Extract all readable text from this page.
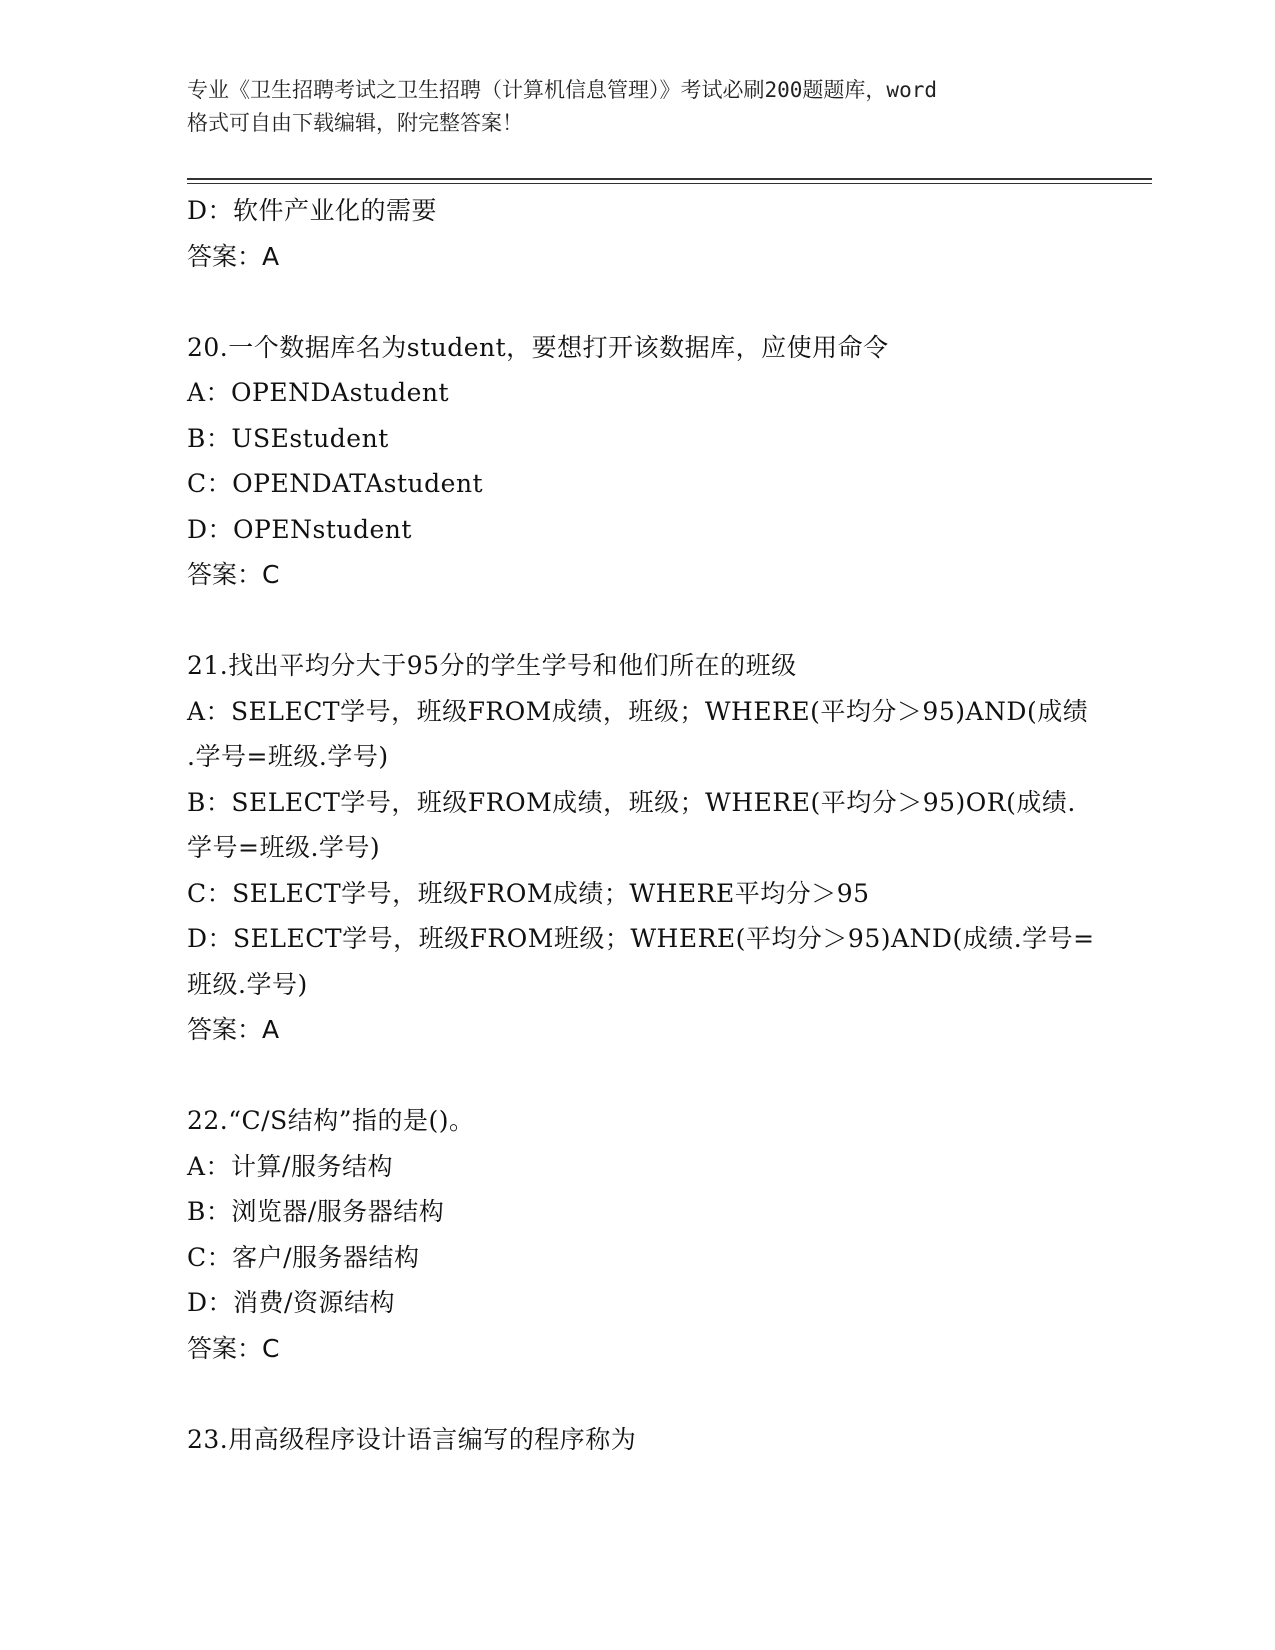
专业《卫生招聘考试之卫生招聘（计算机信息管理）》考试必刷200题题库，word
格式可自由下载编辑，附完整答案！
D：软件产业化的需要
答案：A
20.一个数据库名为student，要想打开该数据库，应使用命令
A：OPENDAstudent
B：USEstudent
C：OPENDATAstudent
D：OPENstudent
答案：C
21.找出平均分大于95分的学生学号和他们所在的班级
A：SELECT学号，班级FROM成绩，班级；WHERE(平均分＞95)AND(成绩
.学号=班级.学号)
B：SELECT学号，班级FROM成绩，班级；WHERE(平均分＞95)OR(成绩.
学号=班级.学号)
C：SELECT学号，班级FROM成绩；WHERE平均分＞95
D：SELECT学号，班级FROM班级；WHERE(平均分＞95)AND(成绩.学号=
班级.学号)
答案：A
22.“C/S结构”指的是()。
A：计算/服务结构
B：浏览器/服务器结构
C：客户/服务器结构
D：消费/资源结构
答案：C
23.用高级程序设计语言编写的程序称为
